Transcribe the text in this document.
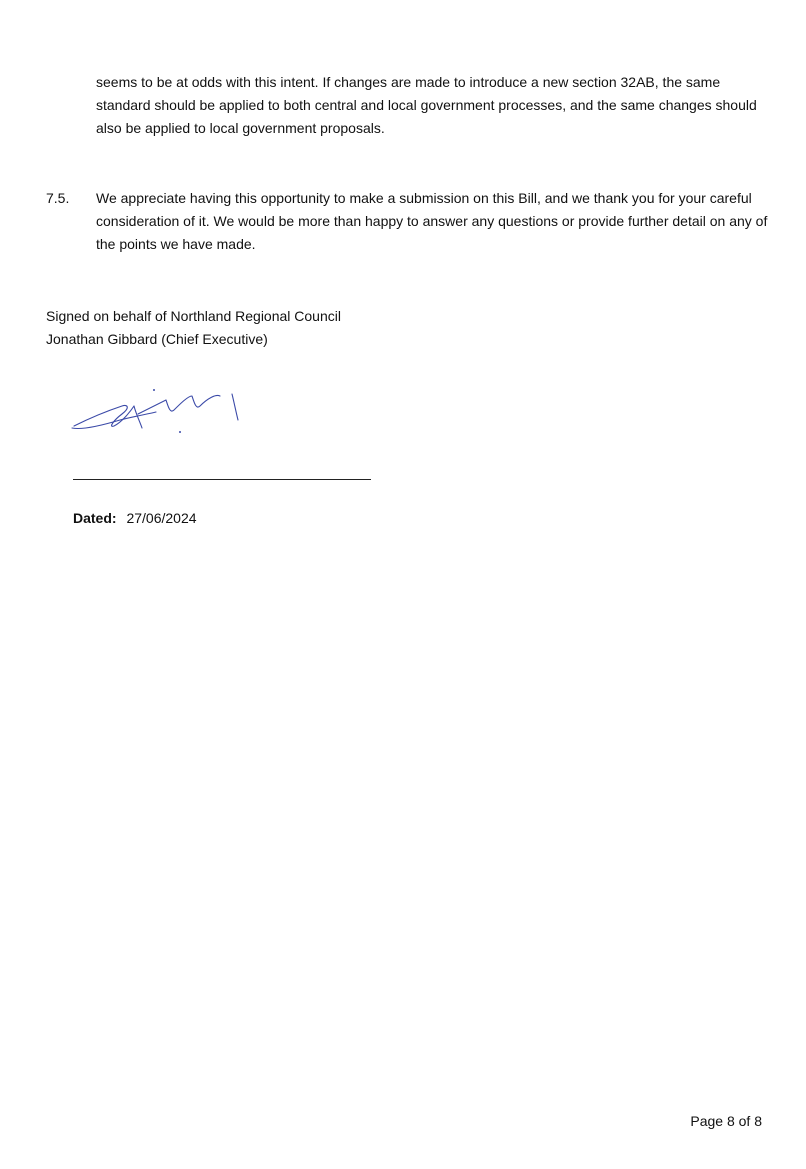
seems to be at odds with this intent. If changes are made to introduce a new section 32AB, the same standard should be applied to both central and local government processes, and the same changes should also be applied to local government proposals.

7.5.	We appreciate having this opportunity to make a submission on this Bill, and we thank you for your careful consideration of it. We would be more than happy to answer any questions or provide further detail on any of the points we have made.

Signed on behalf of Northland Regional Council
Jonathan Gibbard (Chief Executive)
Dated: 27/06/2024
Page 8 of 8
